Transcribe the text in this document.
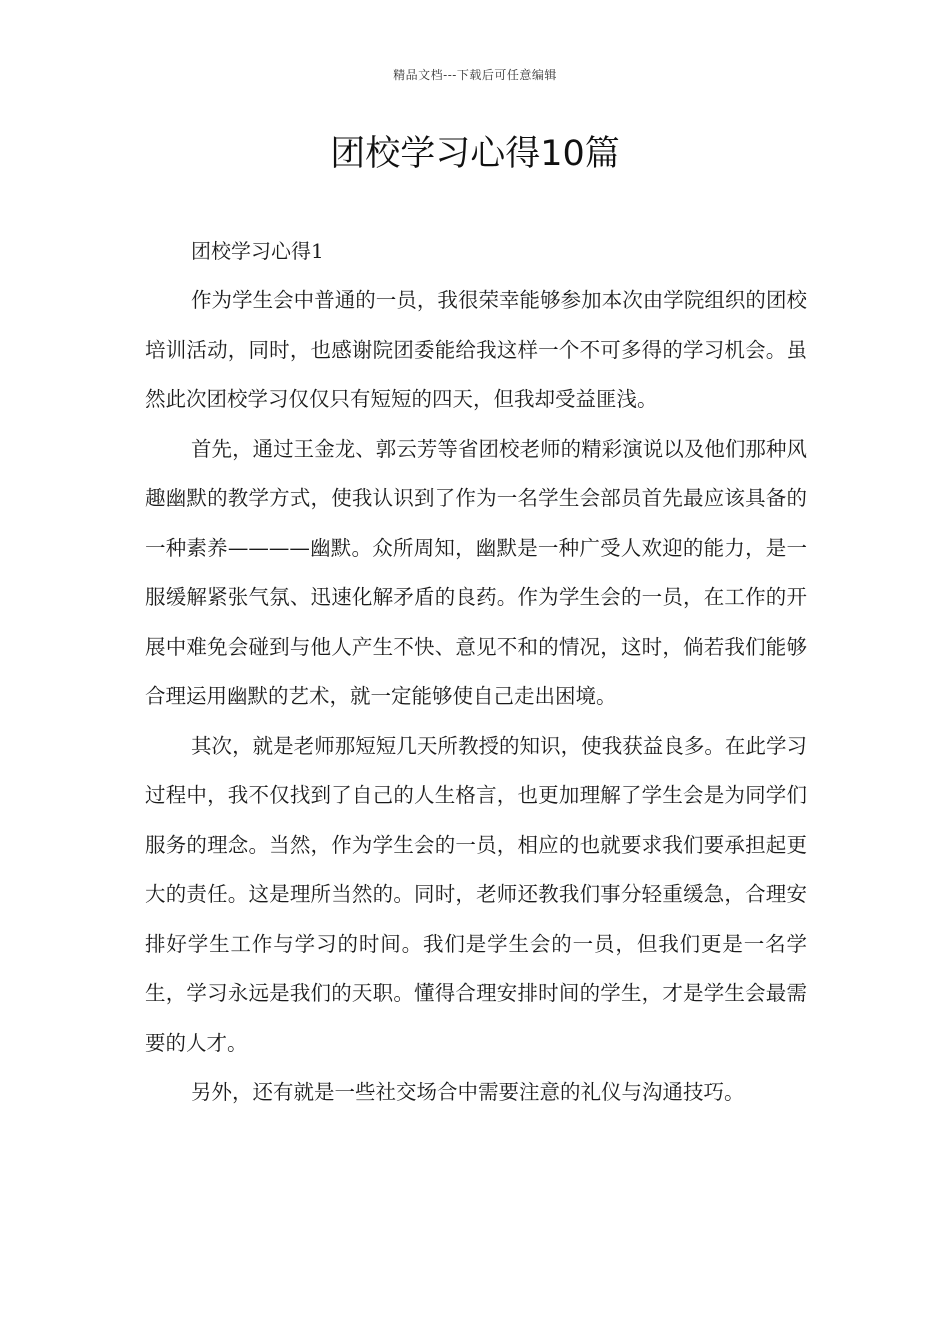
精品文档---下载后可任意编辑
团校学习心得10篇

团校学习心得1

作为学生会中普通的一员，我很荣幸能够参加本次由学院组织的团校培训活动，同时，也感谢院团委能给我这样一个不可多得的学习机会。虽然此次团校学习仅仅只有短短的四天，但我却受益匪浅。

首先，通过王金龙、郭云芳等省团校老师的精彩演说以及他们那种风趣幽默的教学方式，使我认识到了作为一名学生会部员首先最应该具备的一种素养————幽默。众所周知，幽默是一种广受人欢迎的能力，是一服缓解紧张气氛、迅速化解矛盾的良药。作为学生会的一员，在工作的开展中难免会碰到与他人产生不快、意见不和的情况，这时，倘若我们能够合理运用幽默的艺术，就一定能够使自己走出困境。

其次，就是老师那短短几天所教授的知识，使我获益良多。在此学习过程中，我不仅找到了自己的人生格言，也更加理解了学生会是为同学们服务的理念。当然，作为学生会的一员，相应的也就要求我们要承担起更大的责任。这是理所当然的。同时，老师还教我们事分轻重缓急，合理安排好学生工作与学习的时间。我们是学生会的一员，但我们更是一名学生，学习永远是我们的天职。懂得合理安排时间的学生，才是学生会最需要的人才。

另外，还有就是一些社交场合中需要注意的礼仪与沟通技巧。
